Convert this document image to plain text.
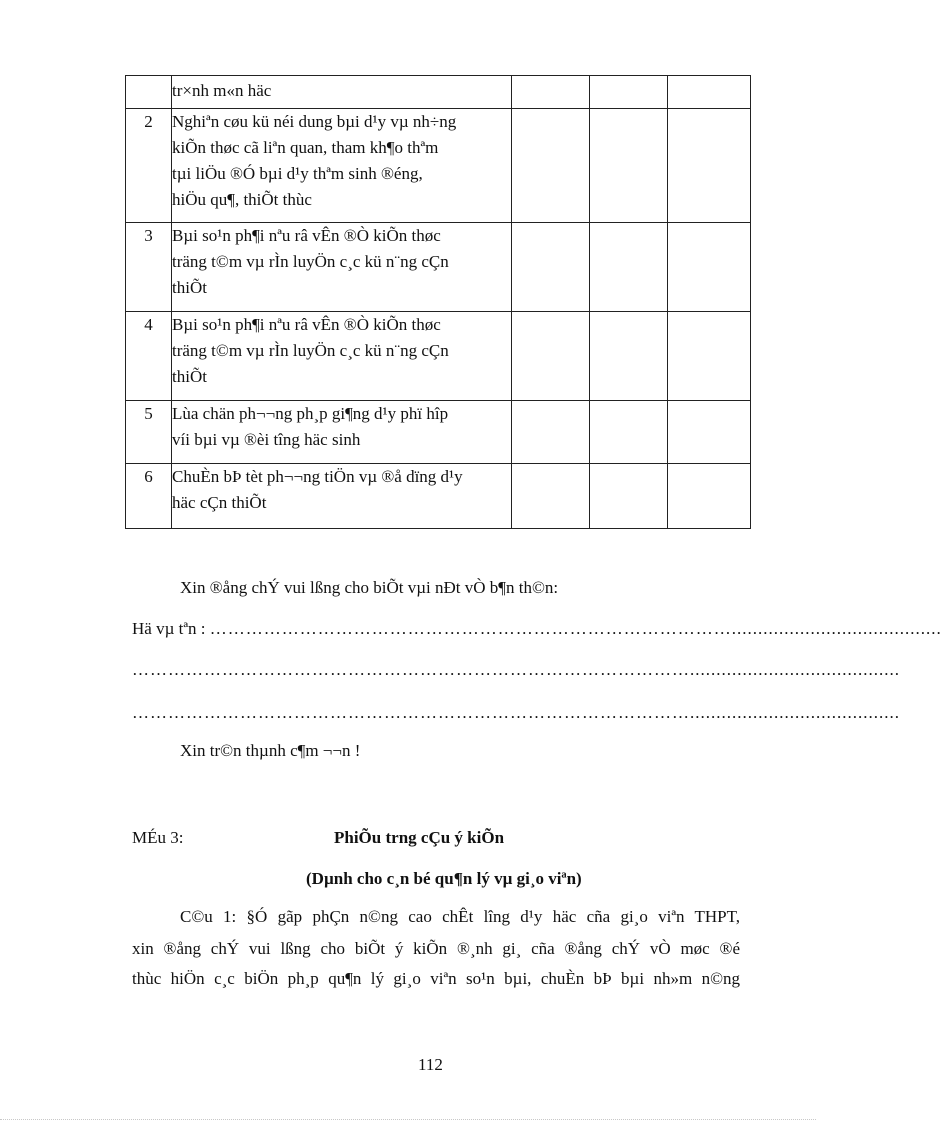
	tr×nh m«n häc			

2	Nghiªn cøu kü néi dung bµi d¹y vµ nh÷ng
kiÕn thøc cã liªn quan, tham kh¶o thªm
tµi liÖu ®Ó bµi d¹y thªm sinh ®éng,
hiÖu qu¶, thiÕt thùc			

3	Bµi so¹n ph¶i nªu râ vÊn ®Ò kiÕn thøc
träng t©m vµ rÌn luyÖn c¸c kü n¨ng cÇn
thiÕt			

4	Bµi so¹n ph¶i nªu râ vÊn ®Ò kiÕn thøc
träng t©m vµ rÌn luyÖn c¸c kü n¨ng cÇn
thiÕt			

5	Lùa chän ph¬¬ng ph¸p gi¶ng d¹y phï hîp
víi bµi vµ ®èi tîng häc sinh			

6	ChuÈn bÞ tèt ph¬¬ng tiÖn vµ ®å dïng d¹y
häc cÇn thiÕt			

Xin ®ång chÝ vui lßng cho biÕt vµi nÐt vÒ b¶n th©n:

Hä vµ tªn : ……………………………………………………………………………........................................
…………………………………………………………………………………........................................
…………………………………………………………………………………........................................

Xin tr©n thµnh c¶m ¬¬n !

MÉu 3:	PhiÕu trng cÇu ý kiÕn

(Dµnh cho c¸n bé qu¶n lý vµ gi¸o viªn)

C©u 1: §Ó gãp phÇn n©ng cao chÊt lîng d¹y häc cña gi¸o viªn THPT,
xin ®ång chÝ vui lßng cho biÕt ý kiÕn ®¸nh gi¸ cña ®ång chÝ vÒ møc ®é
thùc hiÖn c¸c biÖn ph¸p qu¶n lý gi¸o viªn so¹n bµi, chuÈn bÞ bµi nh»m n©ng

112
